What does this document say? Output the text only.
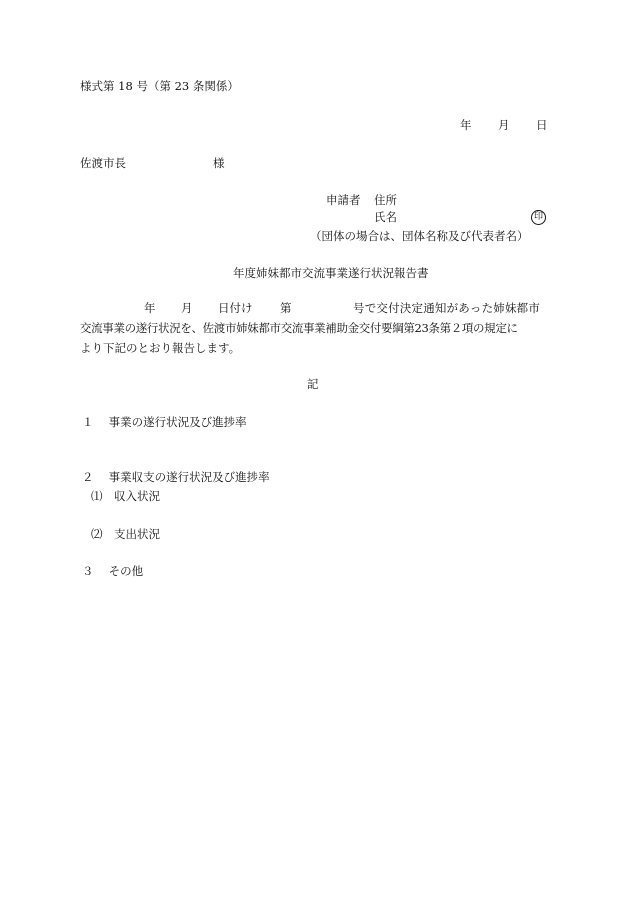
様式第 18 号（第 23 条関係）
年 月 日
佐渡市長	様
申請者 住所
氏名	印
（団体の場合は、団体名称及び代表者名）
年度姉妹都市交流事業遂行状況報告書
年 月 日付け 第	号で交付決定通知があった姉妹都市
交流事業の遂行状況を、佐渡市姉妹都市交流事業補助金交付要綱第23条第２項の規定に
より下記のとおり報告します。
記
１　 事業の遂行状況及び進捗率
２　 事業収支の遂行状況及び進捗率
⑴　収入状況
⑵　支出状況
３　 その他
